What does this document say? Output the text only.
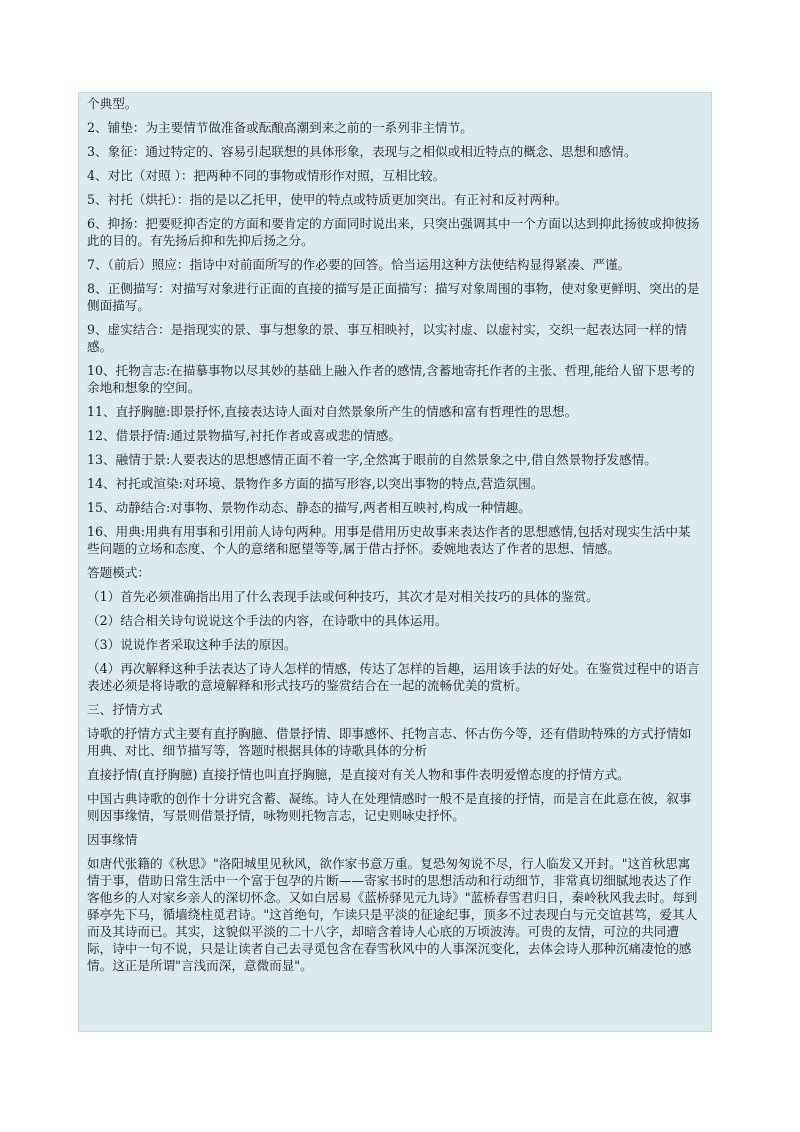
个典型。

2、铺垫：为主要情节做准备或酝酿高潮到来之前的一系列非主情节。

3、象征：通过特定的、容易引起联想的具体形象，表现与之相似或相近特点的概念、思想和感情。

4、对比（对照 ）：把两种不同的事物或情形作对照，互相比较。

5、衬托（烘托）：指的是以乙托甲，使甲的特点或特质更加突出。有正衬和反衬两种。

6、抑扬：把要贬抑否定的方面和要肯定的方面同时说出来，只突出强调其中一个方面以达到抑此扬彼或抑彼扬此的目的。有先扬后抑和先抑后扬之分。

7、（前后）照应：指诗中对前面所写的作必要的回答。恰当运用这种方法使结构显得紧凑、严谨。

8、正侧描写：对描写对象进行正面的直接的描写是正面描写：描写对象周围的事物，使对象更鲜明、突出的是侧面描写。

9、虚实结合：是指现实的景、事与想象的景、事互相映衬，以实衬虚、以虚衬实，交织一起表达同一样的情感。

10、托物言志:在描摹事物以尽其妙的基础上融入作者的感情,含蓄地寄托作者的主张、哲理,能给人留下思考的余地和想象的空间。

11、直抒胸臆:即景抒怀,直接表达诗人面对自然景象所产生的情感和富有哲理性的思想。

12、借景抒情:通过景物描写,衬托作者或喜或悲的情感。

13、融情于景:人要表达的思想感情正面不着一字,全然寓于眼前的自然景象之中,借自然景物抒发感情。

14、衬托或渲染:对环境、景物作多方面的描写形容,以突出事物的特点,营造氛围。

15、动静结合:对事物、景物作动态、静态的描写,两者相互映衬,构成一种情趣。

16、用典:用典有用事和引用前人诗句两种。用事是借用历史故事来表达作者的思想感情,包括对现实生活中某些问题的立场和态度、个人的意绪和愿望等等,属于借古抒怀。委婉地表达了作者的思想、情感。

答题模式：

（1）首先必须准确指出用了什么表现手法或何种技巧，其次才是对相关技巧的具体的鉴赏。

（2）结合相关诗句说说这个手法的内容，在诗歌中的具体运用。

（3）说说作者采取这种手法的原因。

（4）再次解释这种手法表达了诗人怎样的情感，传达了怎样的旨趣，运用该手法的好处。在鉴赏过程中的语言表述必须是将诗歌的意境解释和形式技巧的鉴赏结合在一起的流畅优美的赏析。

三、抒情方式

诗歌的抒情方式主要有直抒胸臆、借景抒情、即事感怀、托物言志、怀古伤今等，还有借助特殊的方式抒情如用典、对比、细节描写等，答题时根据具体的诗歌具体的分析

直接抒情(直抒胸臆) 直接抒情也叫直抒胸臆，是直接对有关人物和事件表明爱憎态度的抒情方式。

中国古典诗歌的创作十分讲究含蓄、凝练。诗人在处理情感时一般不是直接的抒情，而是言在此意在彼，叙事则因事缘情，写景则借景抒情，咏物则托物言志，记史则咏史抒怀。

因事缘情

如唐代张籍的《秋思》"洛阳城里见秋风，欲作家书意万重。复恐匆匆说不尽，行人临发又开封。"这首秋思寓情于事，借助日常生活中一个富于包孕的片断——寄家书时的思想活动和行动细节，非常真切细腻地表达了作客他乡的人对家乡亲人的深切怀念。又如白居易《蓝桥驿见元九诗》"蓝桥春雪君归日，秦岭秋风我去时。每到驿亭先下马，循墙绕柱觅君诗。"这首绝句，乍读只是平淡的征途纪事，顶多不过表现白与元交谊甚笃，爱其人而及其诗而已。其实，这貌似平淡的二十八字，却暗含着诗人心底的万顷波涛。可贵的友情，可泣的共同遭际，诗中一句不说，只是让读者自己去寻觅包含在春雪秋风中的人事深沉变化，去体会诗人那种沉痛凄怆的感情。这正是所谓"言浅而深，意微而显"。
